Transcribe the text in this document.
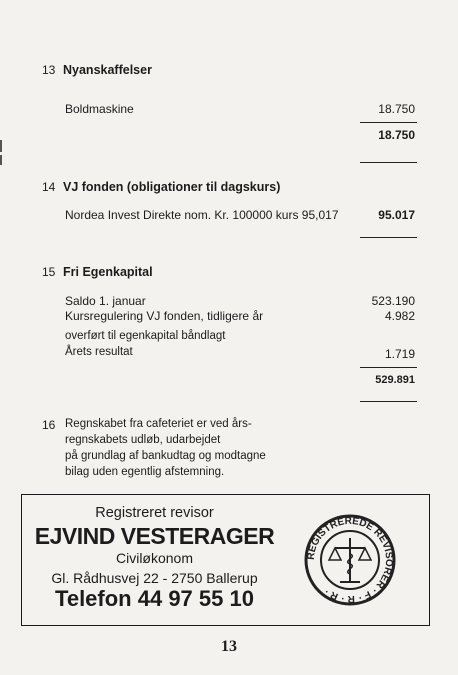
13 Nyanskaffelser
Boldmaskine	18.750
18.750
14 VJ fonden (obligationer til dagskurs)
Nordea Invest Direkte nom. Kr. 100000 kurs 95,017	95.017
15 Fri Egenkapital
Saldo 1. januar	523.190
Kursregulering VJ fonden, tidligere år	4.982
overført til egenkapital båndlagt
Årets resultat	1.719
529.891
16 Regnskabet fra cafeteriet er ved års-
regnskabets udløb, udarbejdet
på grundlag af bankudtag og modtagne
bilag uden egentlig afstemning.
Registreret revisor
EJVIND VESTERAGER
Civiløkonom
Gl. Rådhusvej 22 - 2750 Ballerup
Telefon 44 97 55 10
REGISTREREDE REVISORER · F · R · R ·
13
